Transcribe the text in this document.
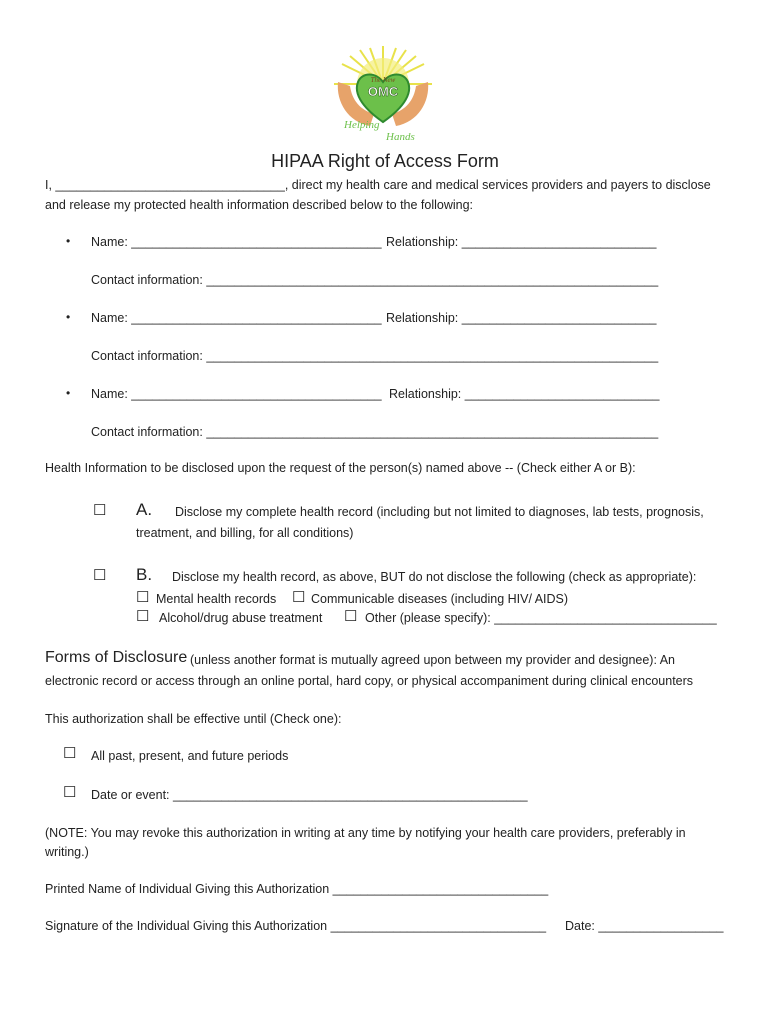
The New
OMC
Helping
Hands
HIPAA Right of Access Form
I, _________________________________, direct my health care and medical services providers and payers to disclose
and release my protected health information described below to the following:
• Name: ____________________________________ Relationship: ____________________________
Contact information: _________________________________________________________________
• Name: ____________________________________ Relationship: ____________________________
Contact information: _________________________________________________________________
• Name: ____________________________________ Relationship: ____________________________
Contact information: _________________________________________________________________
Health Information to be disclosed upon the request of the person(s) named above -- (Check either A or B):
☐ A. Disclose my complete health record (including but not limited to diagnoses, lab tests, prognosis,
treatment, and billing, for all conditions)
☐ B. Disclose my health record, as above, BUT do not disclose the following (check as appropriate):
☐ Mental health records ☐ Communicable diseases (including HIV/ AIDS)
☐ Alcohol/drug abuse treatment ☐ Other (please specify): ________________________________
Forms of Disclosure (unless another format is mutually agreed upon between my provider and designee): An
electronic record or access through an online portal, hard copy, or physical accompaniment during clinical encounters
This authorization shall be effective until (Check one):
☐ All past, present, and future periods
☐ Date or event: ___________________________________________________
(NOTE: You may revoke this authorization in writing at any time by notifying your health care providers, preferably in
writing.)
Printed Name of Individual Giving this Authorization _______________________________
Signature of the Individual Giving this Authorization _______________________________ Date: __________________
